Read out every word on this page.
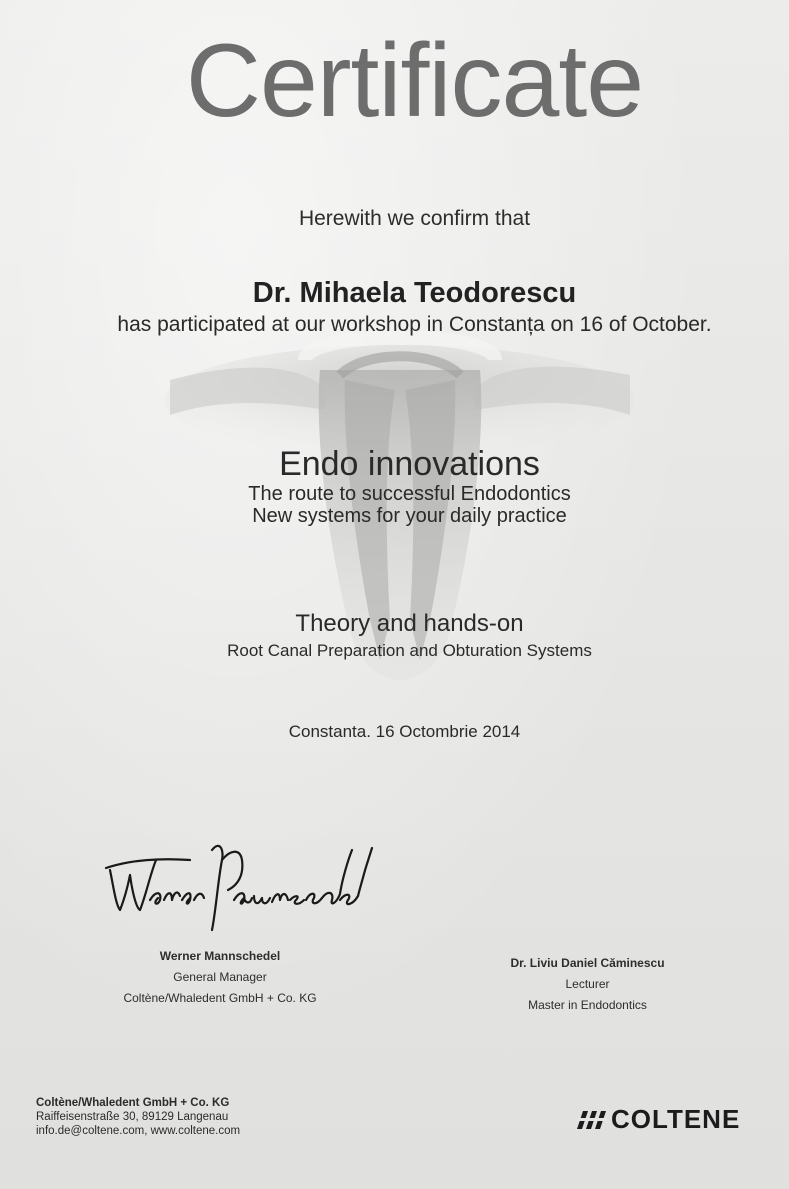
Certificate
Herewith we confirm that
Dr. Mihaela Teodorescu
has participated at our workshop in Constanța on 16 of October.
Endo innovations
The route to successful Endodontics
New systems for your daily practice
Theory and hands-on
Root Canal Preparation and Obturation Systems
Constanta. 16 Octombrie 2014
Werner Mannschedel
General Manager
Coltène/Whaledent GmbH + Co. KG
Dr. Liviu Daniel Căminescu
Lecturer
Master in Endodontics
Coltène/Whaledent GmbH + Co. KG
Raiffeisenstraße 30, 89129 Langenau
info.de@coltene.com, www.coltene.com	COLTENE
